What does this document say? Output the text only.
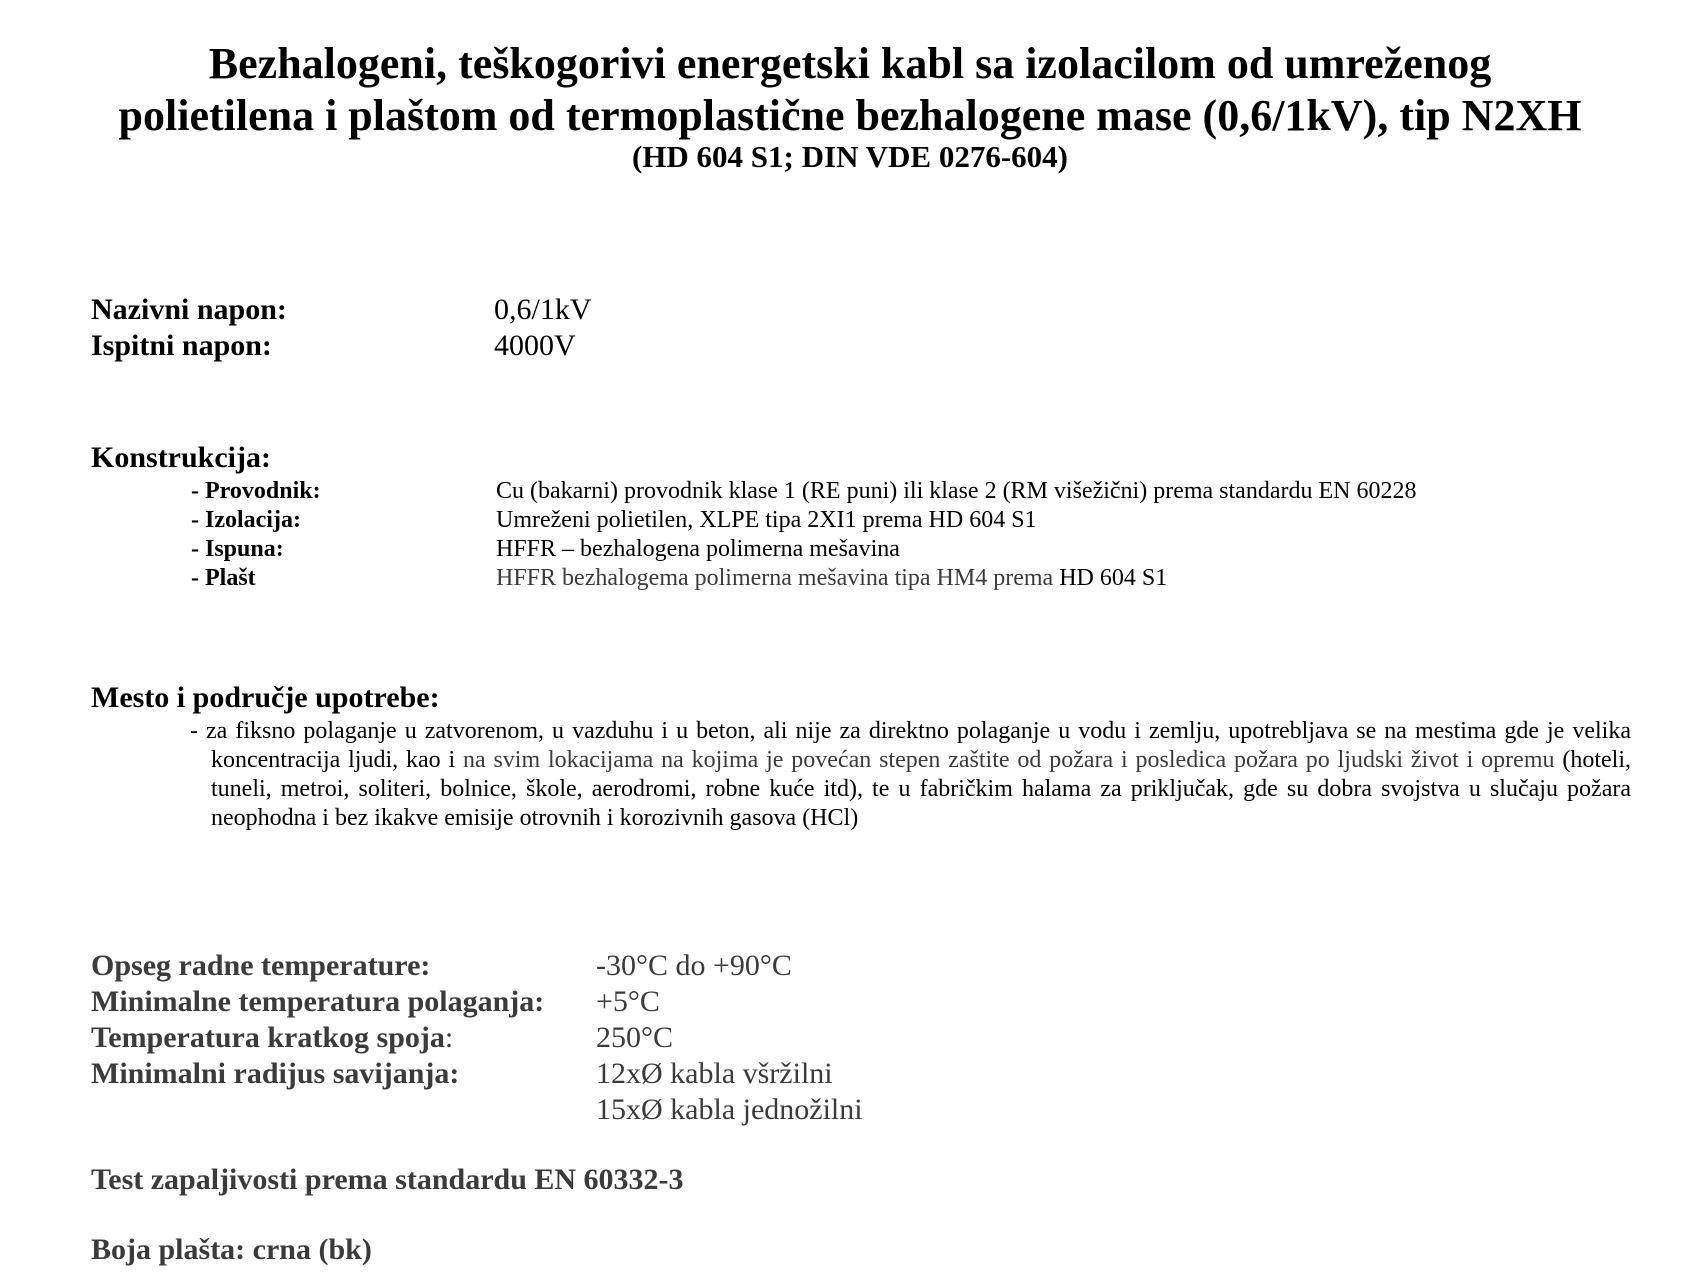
Bezhalogeni, teškogorivi energetski kabl sa izolacilom od umreženog
polietilena i plaštom od termoplastične bezhalogene mase (0,6/1kV), tip N2XH
(HD 604 S1; DIN VDE 0276-604)
Nazivni napon:	0,6/1kV
Ispitni napon:	4000V
Konstrukcija:
- Provodnik:	Cu (bakarni) provodnik klase 1 (RE puni) ili klase 2 (RM višežični) prema standardu EN 60228
- Izolacija:	Umreženi polietilen, XLPE tipa 2XI1 prema HD 604 S1
- Ispuna:	HFFR – bezhalogena polimerna mešavina
- Plašt	HFFR bezhalogema polimerna mešavina tipa HM4 prema HD 604 S1
Mesto i područje upotrebe:
- za fiksno polaganje u zatvorenom, u vazduhu i u beton, ali nije za direktno polaganje u vodu i zemlju, upotrebljava se na mestima gde je velika koncentracija ljudi, kao i na svim lokacijama na kojima je povećan stepen zaštite od požara i posledica požara po ljudski život i opremu (hoteli, tuneli, metroi, soliteri, bolnice, škole, aerodromi, robne kuće itd), te u fabričkim halama za priključak, gde su dobra svojstva u slučaju požara neophodna i bez ikakve emisije otrovnih i korozivnih gasova (HCl)
Opseg radne temperature:	-30°C do +90°C
Minimalne temperatura polaganja: +5°C
Temperatura kratkog spoja:	250°C
Minimalni radijus savijanja:	12xØ kabla všržilni
15xØ kabla jednožilni
Test zapaljivosti prema standardu EN 60332-3
Boja plašta: crna (bk)
